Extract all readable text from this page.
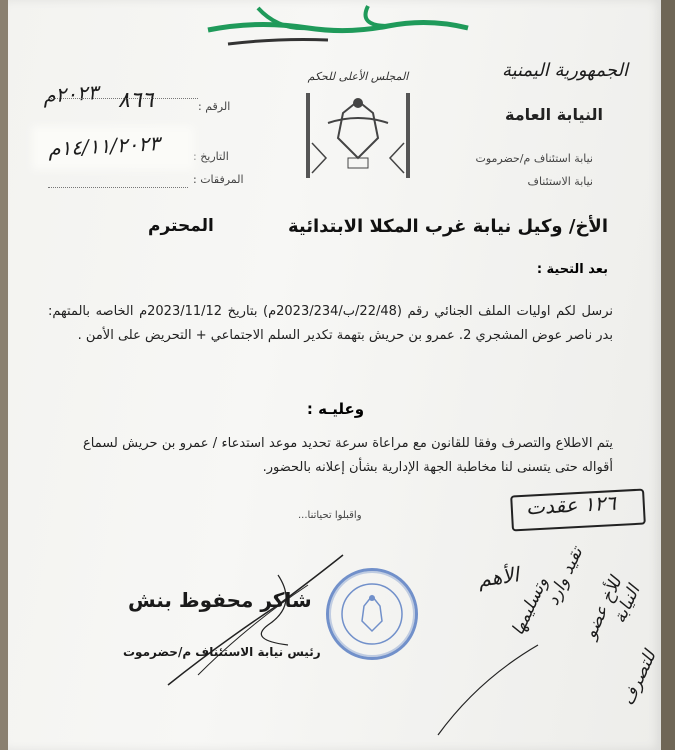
الجمهورية اليمنية
النيابة العامة
نيابة استئناف م/حضرموت
نيابة الاستئناف
المجلس الأعلى للحكم
الرقم :
٨٦٦
٢٠٢٣م
التاريخ :
١٤/١١/٢٠٢٣م
المرفقات :
الأخ/ وكيل نيابة غرب المكلا الابتدائية
المحترم
بعد التحية :
نرسل لكم اوليات الملف الجنائي رقم (22/48/ب/2023/234م) بتاريخ 2023/11/12م الخاصه بالمتهم: بدر ناصر عوض المشجري 2. عمرو بن حريش بتهمة تكدير السلم الاجتماعي + التحريض على الأمن .
وعليـه :
يتم الاطلاع والتصرف وفقا للقانون مع مراعاة سرعة تحديد موعد استدعاء / عمرو بن حريش لسماع أقواله حتى يتسنى لنا مخاطبة الجهة الإدارية بشأن إعلانه بالحضور.
واقبلوا تحياتنا...	١٢٦ عقدت
شاكر محفوظ بنش
رئيس نيابة الاستئناف م/حضرموت
الأهم تقيد وارد
وتسليمها	للأخ عضو النيابة
للتصرف
